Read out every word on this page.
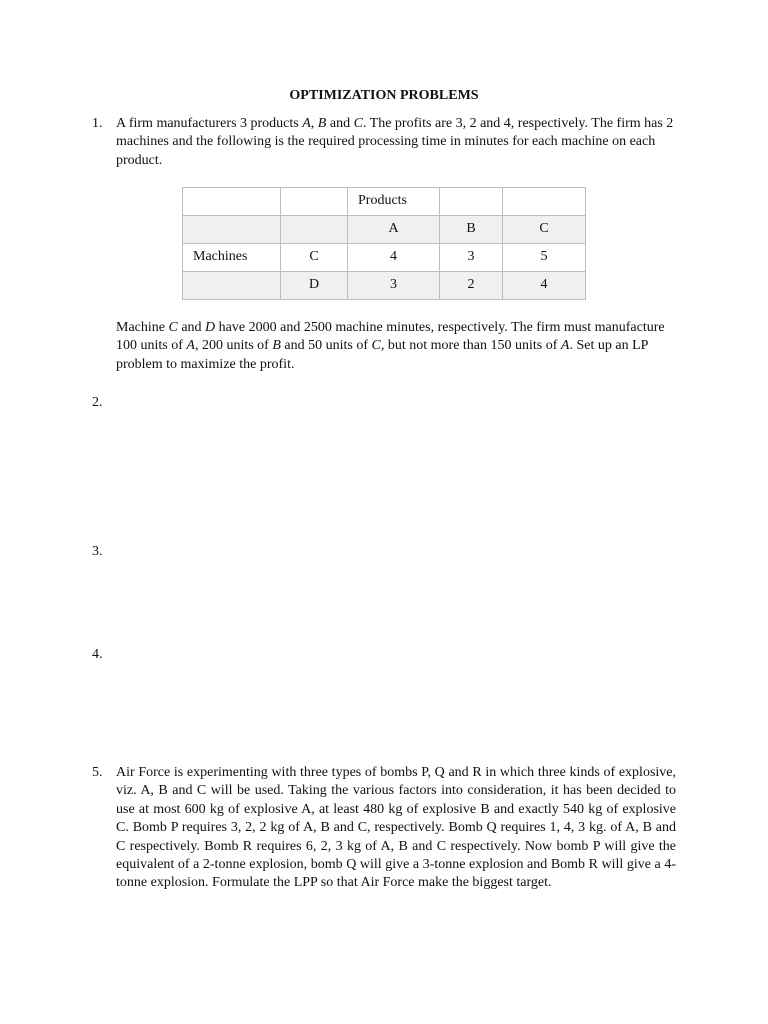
OPTIMIZATION PROBLEMS
1. A firm manufacturers 3 products A, B and C. The profits are 3, 2 and 4, respectively. The firm has 2 machines and the following is the required processing time in minutes for each machine on each product.
		Products		
		A	B	C
Machines	C	4	3	5
	D	3	2	4

Machine C and D have 2000 and 2500 machine minutes, respectively. The firm must manufacture 100 units of A, 200 units of B and 50 units of C, but not more than 150 units of A. Set up an LP problem to maximize the profit.

2.
3.
4.
5. Air Force is experimenting with three types of bombs P, Q and R in which three kinds of explosive, viz. A, B and C will be used. Taking the various factors into consideration, it has been decided to use at most 600 kg of explosive A, at least 480 kg of explosive B and exactly 540 kg of explosive C. Bomb P requires 3, 2, 2 kg of A, B and C, respectively. Bomb Q requires 1, 4, 3 kg. of A, B and C respectively. Bomb R requires 6, 2, 3 kg of A, B and C respectively. Now bomb P will give the equivalent of a 2-tonne explosion, bomb Q will give a 3-tonne explosion and Bomb R will give a 4-tonne explosion. Formulate the LPP so that Air Force make the biggest target.
